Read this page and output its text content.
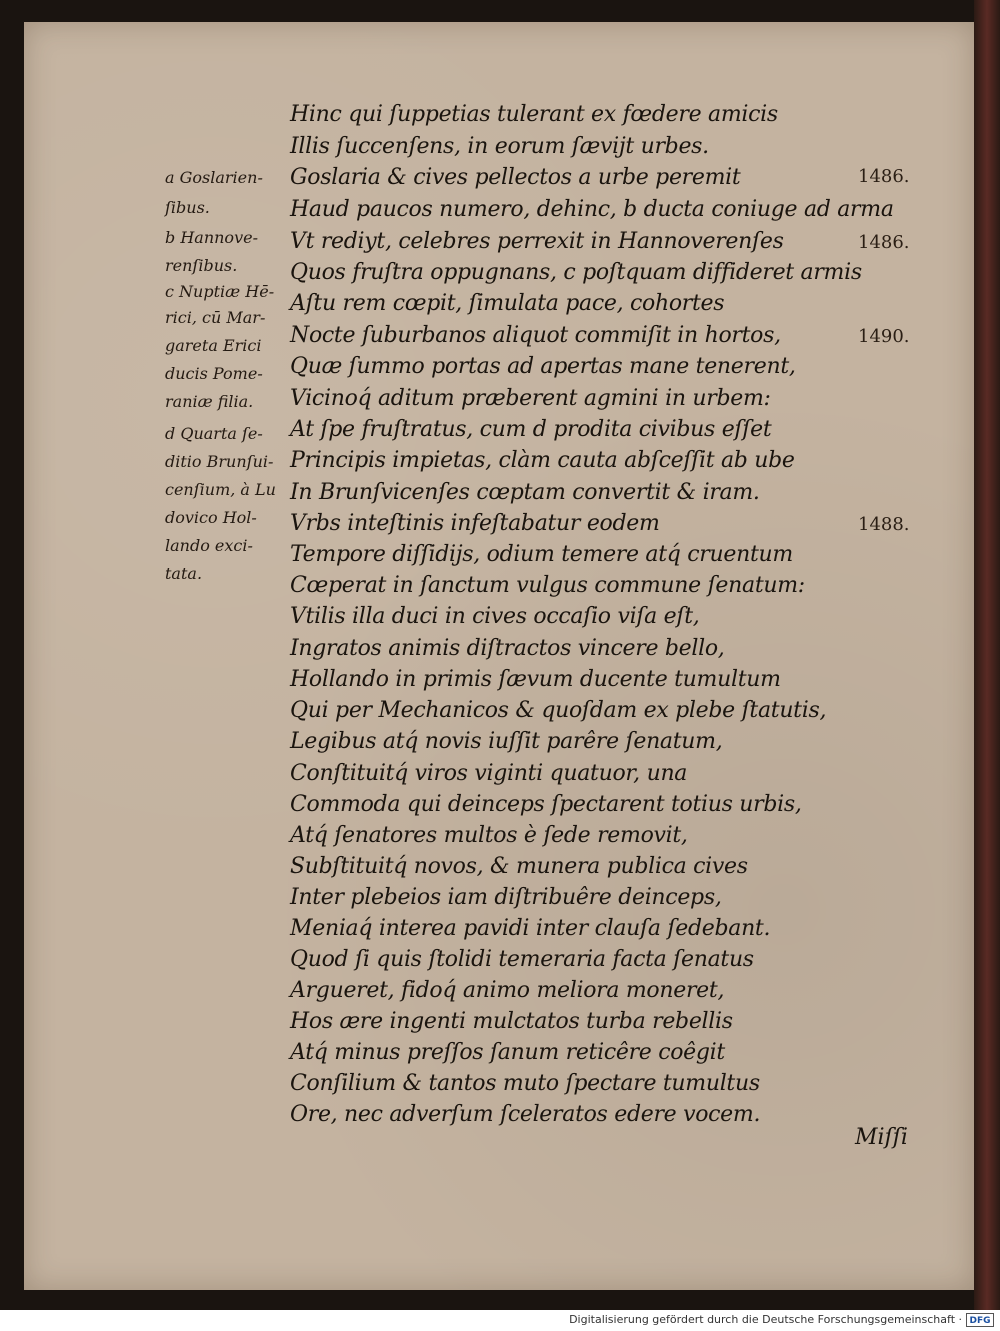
Hinc qui ſuppetias tulerant ex fœdere amicis
Illis ſuccenſens, in eorum ſævijt urbes.
Goslaria & cives pellectos a urbe peremit
Haud paucos numero, dehinc, b ducta coniuge ad arma
Vt rediyt, celebres perrexit in Hannoverenſes
Quos fruſtra oppugnans, c poſtquam diffideret armis
Aſtu rem cœpit, ſimulata pace, cohortes
Nocte ſuburbanos aliquot commiſit in hortos,
Quæ ſummo portas ad apertas mane tenerent,
Vicinoq́ aditum præberent agmini in urbem:
At ſpe fruſtratus, cum d prodita civibus eſſet
Principis impietas, clàm cauta abſceſſit ab ube
In Brunſvicenſes cœptam convertit & iram.
Vrbs inteſtinis infeſtabatur eodem
Tempore diſſidijs, odium temere atq́ cruentum
Cœperat in ſanctum vulgus commune ſenatum:
Vtilis illa duci in cives occaſio viſa eſt,
Ingratos animis diſtractos vincere bello,
Hollando in primis ſævum ducente tumultum
Qui per Mechanicos & quoſdam ex plebe ſtatutis,
Legibus atq́ novis iuſſit parêre ſenatum,
Conſtituitq́ viros viginti quatuor, una
Commoda qui deinceps ſpectarent totius urbis,
Atq́ ſenatores multos è ſede removit,
Subſtituitq́ novos, & munera publica cives
Inter plebeios iam diſtribuêre deinceps,
Meniaq́ interea pavidi inter clauſa ſedebant.
Quod ſi quis ſtolidi temeraria facta ſenatus
Argueret, fidoq́ animo meliora moneret,
Hos ære ingenti mulctatos turba rebellis
Atq́ minus preſſos ſanum reticêre coêgit
Conſilium & tantos muto ſpectare tumultus
Ore, nec adverſum ſceleratos edere vocem.
a Goslarien-
ſibus.
b Hannove-
renſibus.
c Nuptiæ Hē-
rici, cū Mar-
gareta Erici
ducis Pome-
raniæ filia.
d Quarta ſe-
ditio Brunſui-
cenſium, à Lu
dovico Hol-
lando exci-
tata.
1486.
1486.
1490.
1488.
Miſſi
Digitalisierung gefördert durch die Deutsche Forschungsgemeinschaft · DFG
